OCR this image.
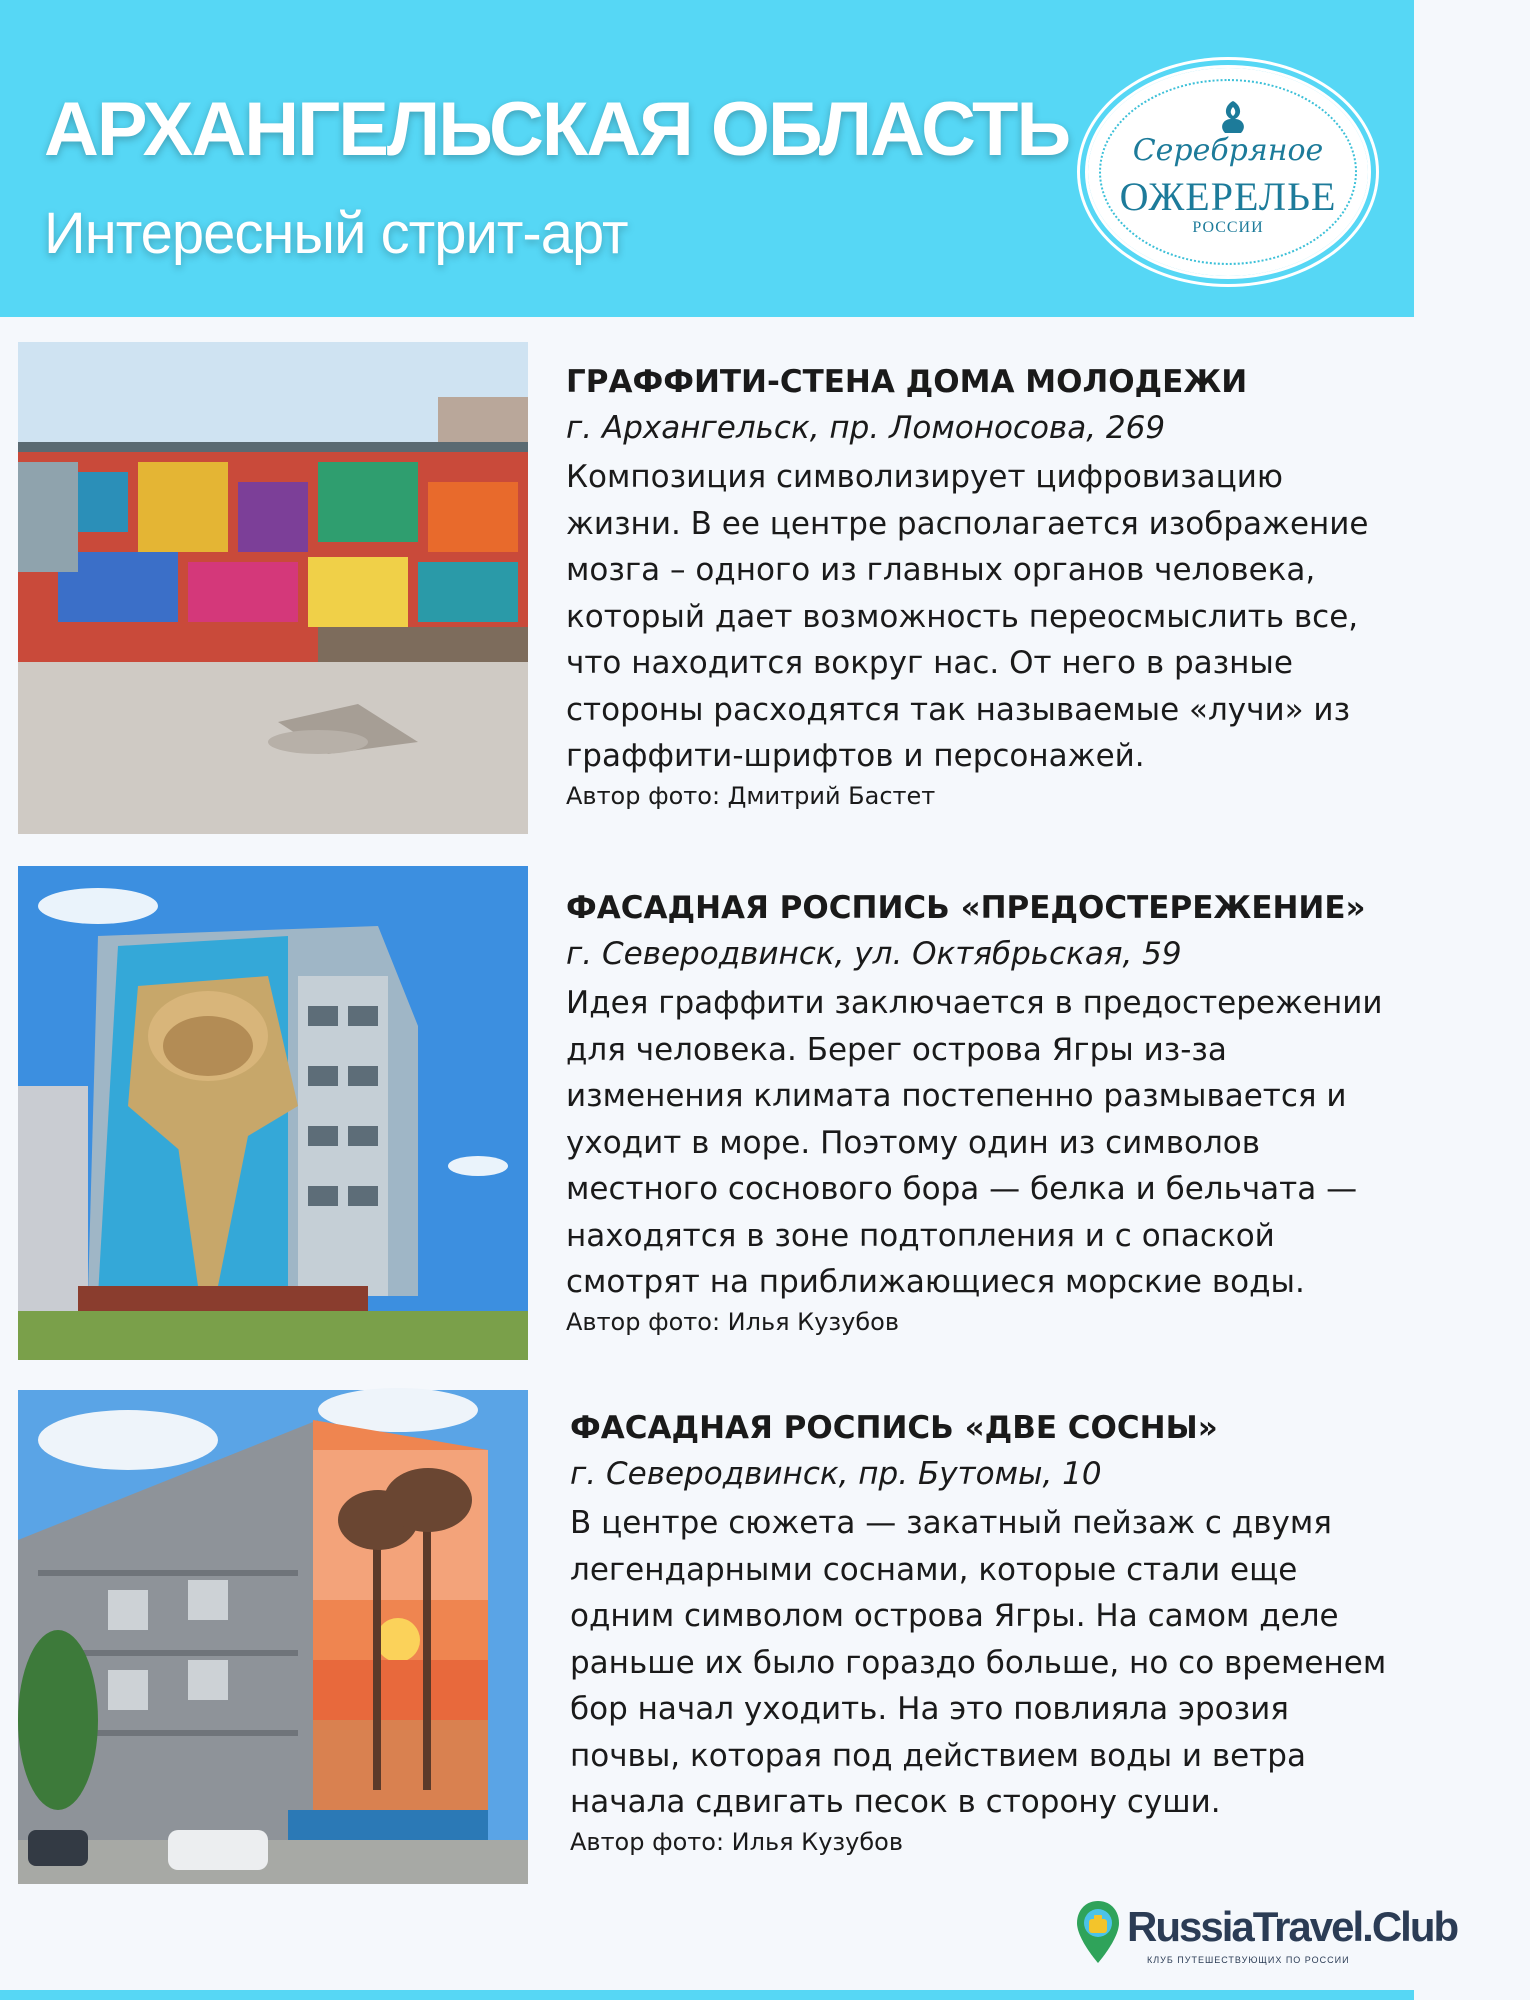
АРХАНГЕЛЬСКАЯ ОБЛАСТЬ
Интересный стрит-арт
Серебряное
ОЖЕРЕЛЬЕ
РОССИИ
ГРАФФИТИ-СТЕНА ДОМА МОЛОДЕЖИ
г. Архангельск, пр. Ломоносова, 269
Композиция символизирует цифровизацию
жизни. В ее центре располагается изображение
мозга – одного из главных органов человека,
который дает возможность переосмыслить все,
что находится вокруг нас. От него в разные
стороны расходятся так называемые «лучи» из
граффити-шрифтов и персонажей.
Автор фото: Дмитрий Бастет
ФАСАДНАЯ РОСПИСЬ «ПРЕДОСТЕРЕЖЕНИЕ»
г. Северодвинск, ул. Октябрьская, 59
Идея граффити заключается в предостережении
для человека. Берег острова Ягры из-за
изменения климата постепенно размывается и
уходит в море. Поэтому один из символов
местного соснового бора — белка и бельчата —
находятся в зоне подтопления и с опаской
смотрят на приближающиеся морские воды.
Автор фото: Илья Кузубов
ФАСАДНАЯ РОСПИСЬ «ДВЕ СОСНЫ»
г. Северодвинск, пр. Бутомы, 10
В центре сюжета — закатный пейзаж с двумя
легендарными соснами, которые стали еще
одним символом острова Ягры. На самом деле
раньше их было гораздо больше, но со временем
бор начал уходить. На это повлияла эрозия
почвы, которая под действием воды и ветра
начала сдвигать песок в сторону суши.
Автор фото: Илья Кузубов
RussiaTravel.Club
КЛУБ ПУТЕШЕСТВУЮЩИХ ПО РОССИИ
